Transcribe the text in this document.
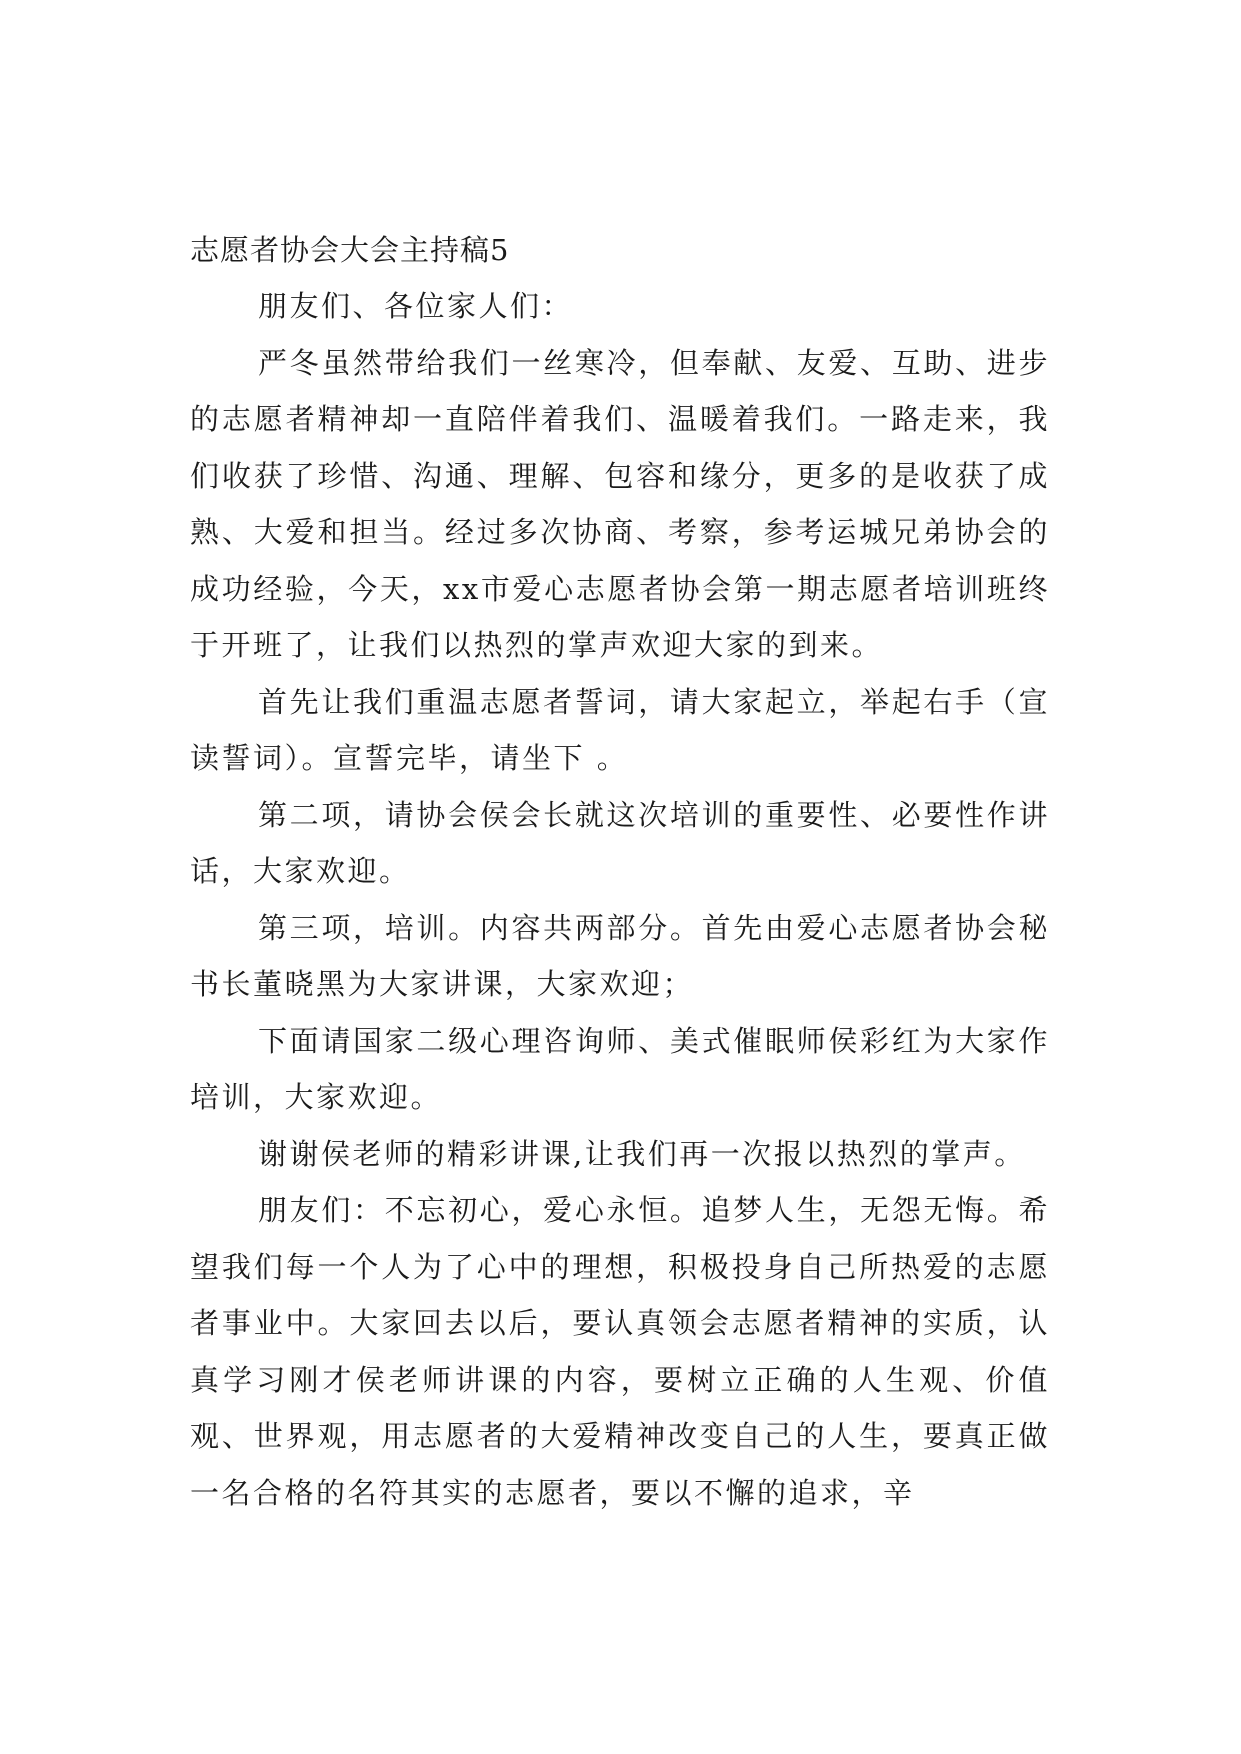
志愿者协会大会主持稿5

朋友们、各位家人们：

严冬虽然带给我们一丝寒冷，但奉献、友爱、互助、进步的志愿者精神却一直陪伴着我们、温暖着我们。一路走来，我们收获了珍惜、沟通、理解、包容和缘分，更多的是收获了成熟、大爱和担当。经过多次协商、考察，参考运城兄弟协会的成功经验，今天，xx市爱心志愿者协会第一期志愿者培训班终于开班了，让我们以热烈的掌声欢迎大家的到来。

首先让我们重温志愿者誓词，请大家起立，举起右手（宣读誓词）。宣誓完毕，请坐下 。

第二项，请协会侯会长就这次培训的重要性、必要性作讲话，大家欢迎。

第三项，培训。内容共两部分。首先由爱心志愿者协会秘书长董晓黑为大家讲课，大家欢迎；

下面请国家二级心理咨询师、美式催眠师侯彩红为大家作培训，大家欢迎。

谢谢侯老师的精彩讲课,让我们再一次报以热烈的掌声。

朋友们：不忘初心，爱心永恒。追梦人生，无怨无悔。希望我们每一个人为了心中的理想，积极投身自己所热爱的志愿者事业中。大家回去以后，要认真领会志愿者精神的实质，认真学习刚才侯老师讲课的内容，要树立正确的人生观、价值观、世界观，用志愿者的大爱精神改变自己的人生，要真正做一名合格的名符其实的志愿者，要以不懈的追求，辛
